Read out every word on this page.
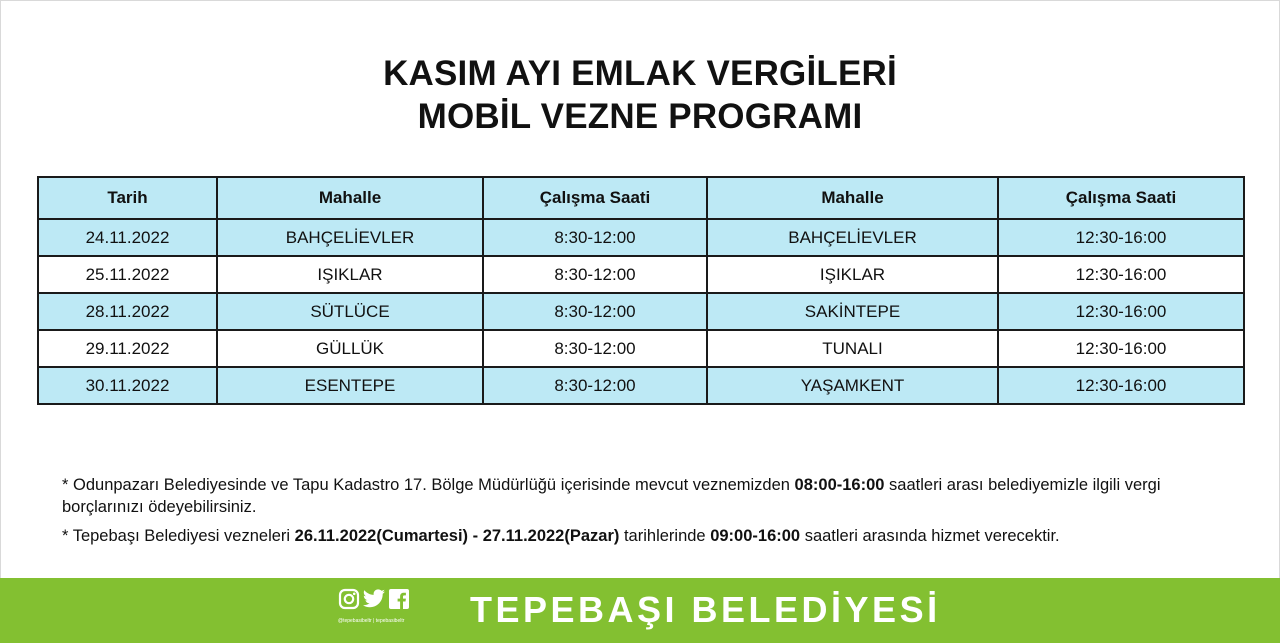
KASIM AYI EMLAK VERGİLERİ
MOBİL VEZNE PROGRAMI
Tarih	Mahalle	Çalışma Saati	Mahalle	Çalışma Saati
24.11.2022	BAHÇELİEVLER	8:30-12:00	BAHÇELİEVLER	12:30-16:00
25.11.2022	IŞIKLAR	8:30-12:00	IŞIKLAR	12:30-16:00
28.11.2022	SÜTLÜCE	8:30-12:00	SAKİNTEPE	12:30-16:00
29.11.2022	GÜLLÜK	8:30-12:00	TUNALI	12:30-16:00
30.11.2022	ESENTEPE	8:30-12:00	YAŞAMKENT	12:30-16:00

* Odunpazarı Belediyesinde ve Tapu Kadastro 17. Bölge Müdürlüğü içerisinde mevcut veznemizden 08:00-16:00 saatleri arası belediyemizle ilgili vergi borçlarınızı ödeyebilirsiniz.

* Tepebaşı Belediyesi vezneleri 26.11.2022(Cumartesi) - 27.11.2022(Pazar) tarihlerinde 09:00-16:00 saatleri arasında hizmet verecektir.

@tepebasibeltr | tepebasibeltr TEPEBAŞI BELEDİYESİ
